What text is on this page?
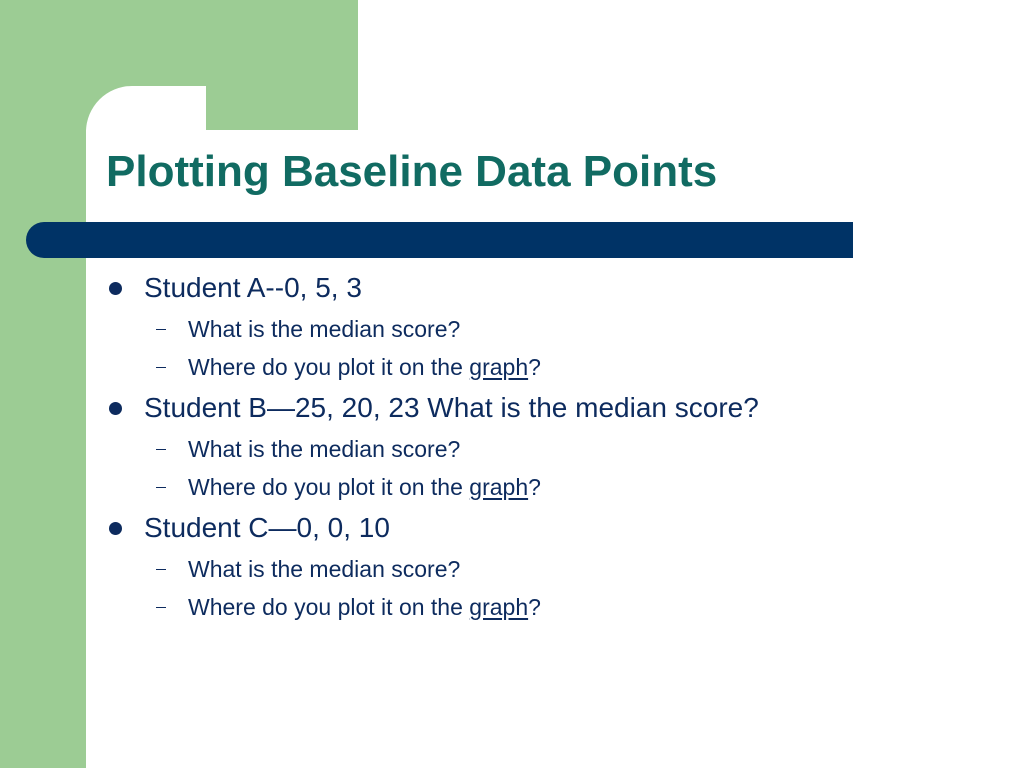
Plotting Baseline Data Points
Student A--0, 5, 3
What is the median score?
Where do you plot it on the graph?
Student B—25, 20, 23 What is the median score?
What is the median score?
Where do you plot it on the graph?
Student C—0, 0, 10
What is the median score?
Where do you plot it on the graph?
